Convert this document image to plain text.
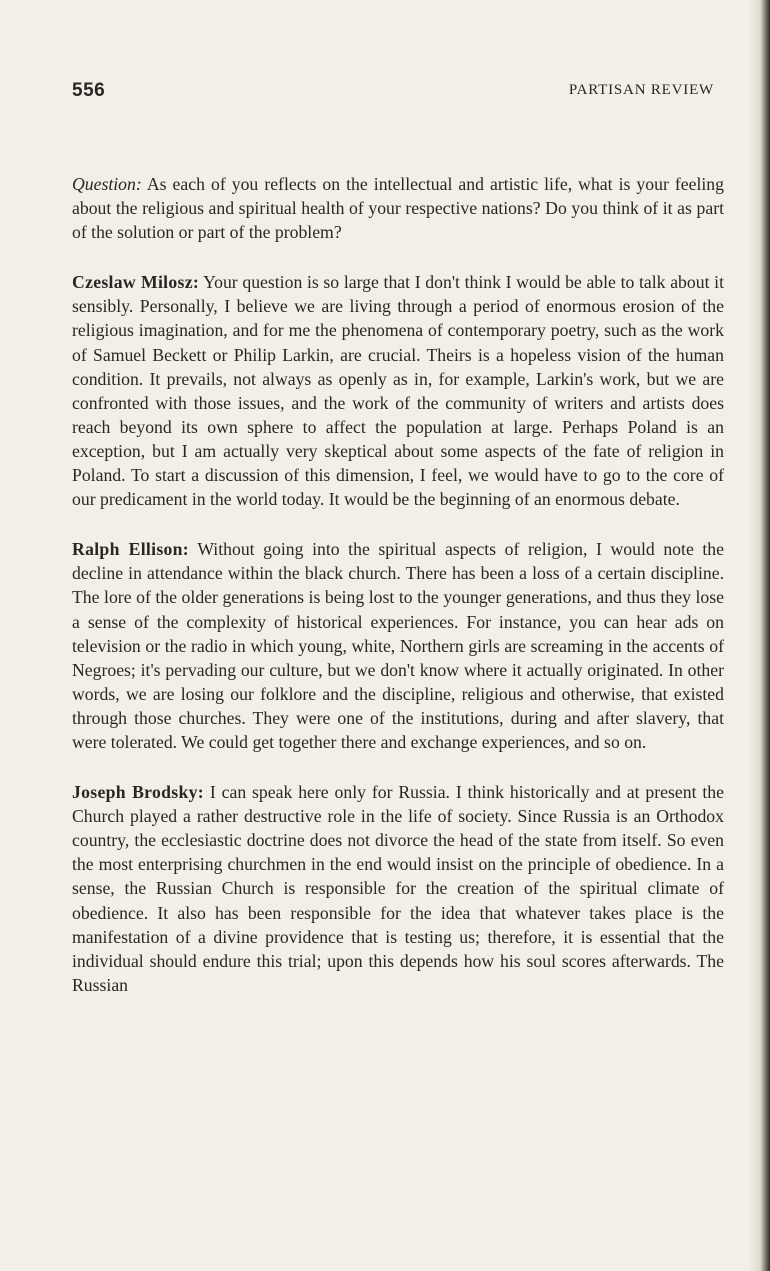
556	PARTISAN REVIEW

Question: As each of you reflects on the intellectual and artistic life, what is your feeling about the religious and spiritual health of your respective nations? Do you think of it as part of the solution or part of the problem?

Czeslaw Milosz: Your question is so large that I don't think I would be able to talk about it sensibly. Personally, I believe we are living through a period of enormous erosion of the religious imagination, and for me the phenomena of contemporary poetry, such as the work of Samuel Beckett or Philip Larkin, are crucial. Theirs is a hopeless vision of the human condition. It prevails, not always as openly as in, for example, Larkin's work, but we are confronted with those issues, and the work of the community of writers and artists does reach beyond its own sphere to affect the population at large. Perhaps Poland is an exception, but I am actually very skeptical about some aspects of the fate of religion in Poland. To start a discussion of this dimension, I feel, we would have to go to the core of our predicament in the world today. It would be the beginning of an enormous debate.

Ralph Ellison: Without going into the spiritual aspects of religion, I would note the decline in attendance within the black church. There has been a loss of a certain discipline. The lore of the older generations is being lost to the younger generations, and thus they lose a sense of the complexity of historical experiences. For instance, you can hear ads on television or the radio in which young, white, Northern girls are screaming in the accents of Negroes; it's pervading our culture, but we don't know where it actually originated. In other words, we are losing our folklore and the discipline, religious and otherwise, that existed through those churches. They were one of the institutions, during and after slavery, that were tolerated. We could get together there and exchange experiences, and so on.

Joseph Brodsky: I can speak here only for Russia. I think historically and at present the Church played a rather destructive role in the life of society. Since Russia is an Orthodox country, the ecclesiastic doctrine does not divorce the head of the state from itself. So even the most enterprising churchmen in the end would insist on the principle of obedience. In a sense, the Russian Church is responsible for the creation of the spiritual climate of obedience. It also has been responsible for the idea that whatever takes place is the manifestation of a divine providence that is testing us; therefore, it is essential that the individual should endure this trial; upon this depends how his soul scores afterwards. The Russian
